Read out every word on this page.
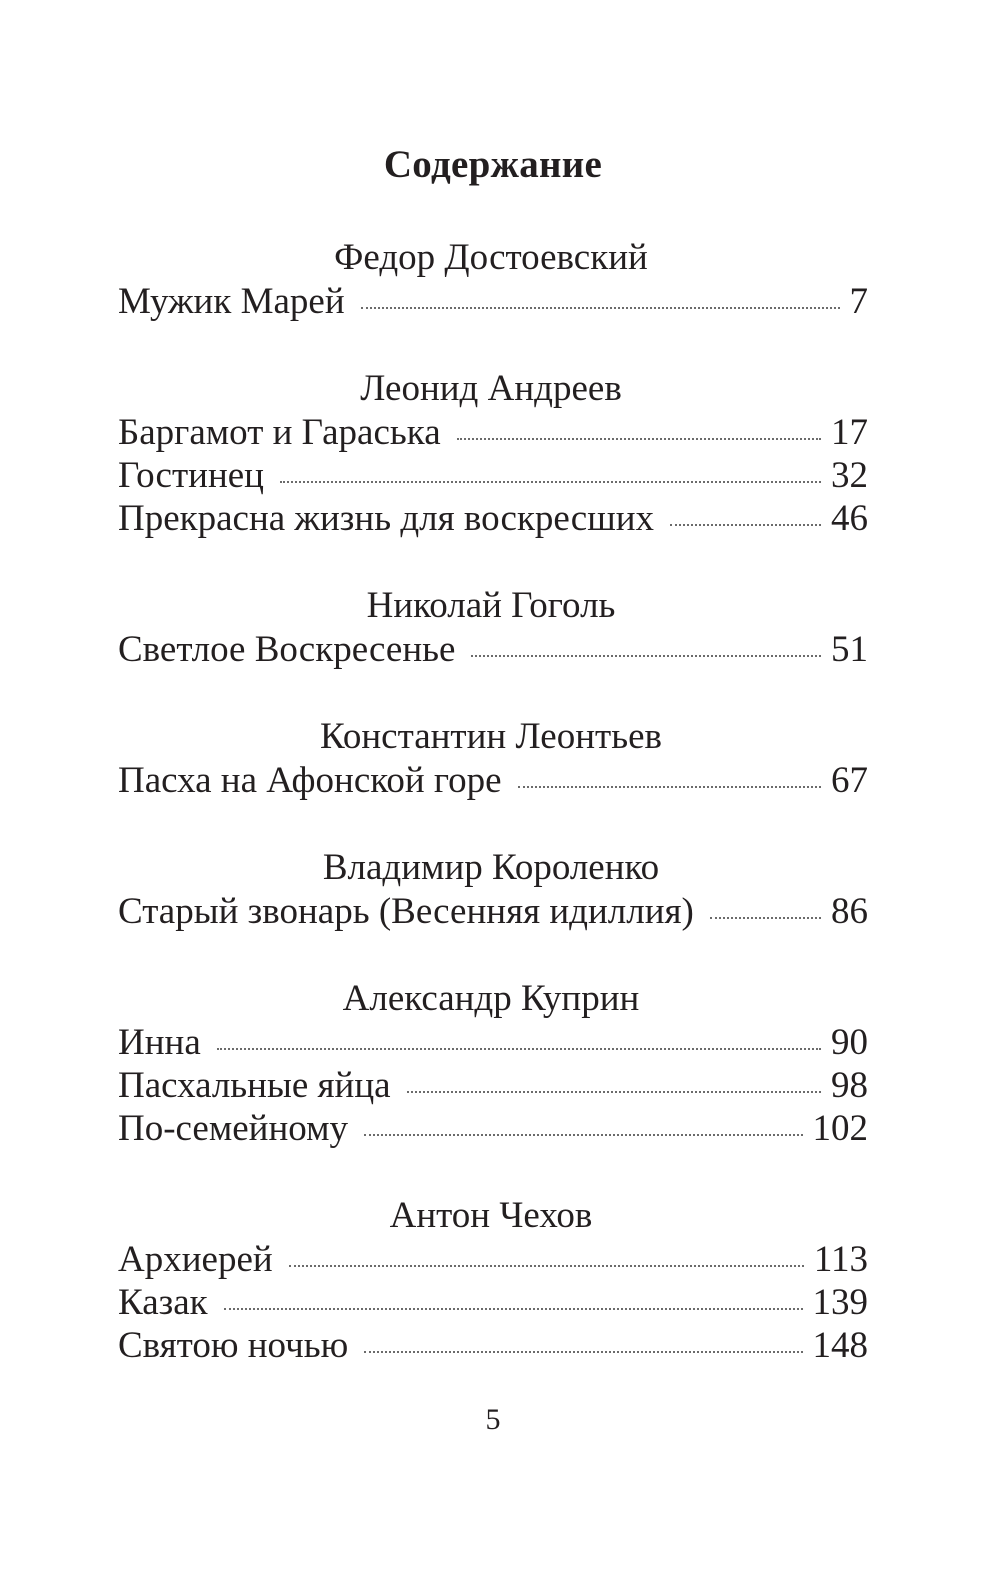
Содержание
Федор Достоевский
Мужик Марей	7
Леонид Андреев
Баргамот и Гараська	17
Гостинец	32
Прекрасна жизнь для воскресших	46
Николай Гоголь
Светлое Воскресенье	51
Константин Леонтьев
Пасха на Афонской горе	67
Владимир Короленко
Старый звонарь (Весенняя идиллия)	86
Александр Куприн
Инна	90
Пасхальные яйца	98
По-семейному	102
Антон Чехов
Архиерей	113
Казак	139
Святою ночью	148
5
